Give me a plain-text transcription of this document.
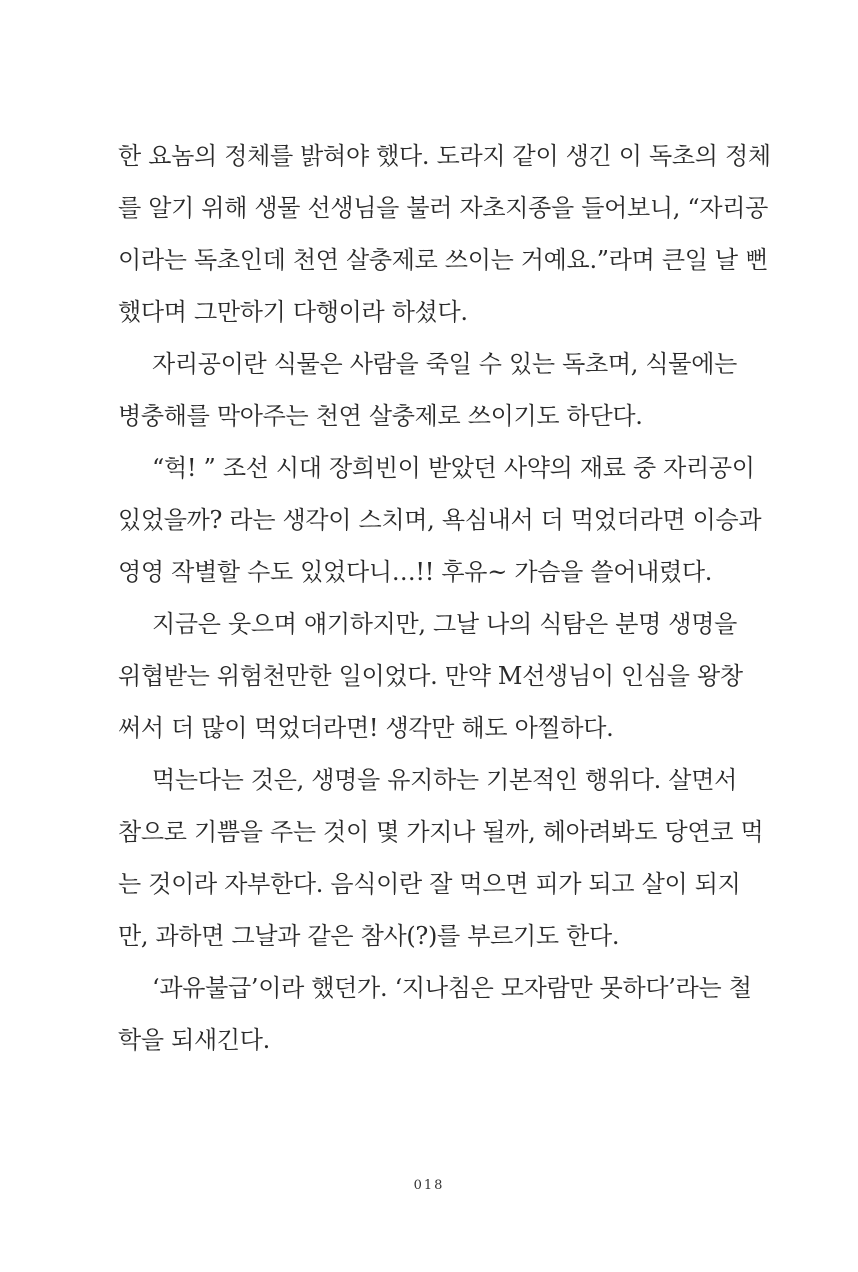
한 요놈의 정체를 밝혀야 했다. 도라지 같이 생긴 이 독초의 정체
를 알기 위해 생물 선생님을 불러 자초지종을 들어보니, “자리공
이라는 독초인데 천연 살충제로 쓰이는 거예요.”라며 큰일 날 뻔
했다며 그만하기 다행이라 하셨다.
자리공이란 식물은 사람을 죽일 수 있는 독초며, 식물에는
병충해를 막아주는 천연 살충제로 쓰이기도 하단다.
“헉! ” 조선 시대 장희빈이 받았던 사약의 재료 중 자리공이
있었을까? 라는 생각이 스치며, 욕심내서 더 먹었더라면 이승과
영영 작별할 수도 있었다니…!! 후유~ 가슴을 쓸어내렸다.
지금은 웃으며 얘기하지만, 그날 나의 식탐은 분명 생명을
위협받는 위험천만한 일이었다. 만약 M선생님이 인심을 왕창
써서 더 많이 먹었더라면! 생각만 해도 아찔하다.
먹는다는 것은, 생명을 유지하는 기본적인 행위다. 살면서
참으로 기쁨을 주는 것이 몇 가지나 될까, 헤아려봐도 당연코 먹
는 것이라 자부한다. 음식이란 잘 먹으면 피가 되고 살이 되지
만, 과하면 그날과 같은 참사(?)를 부르기도 한다.
‘과유불급’이라 했던가. ‘지나침은 모자람만 못하다’라는 철
학을 되새긴다.
018
